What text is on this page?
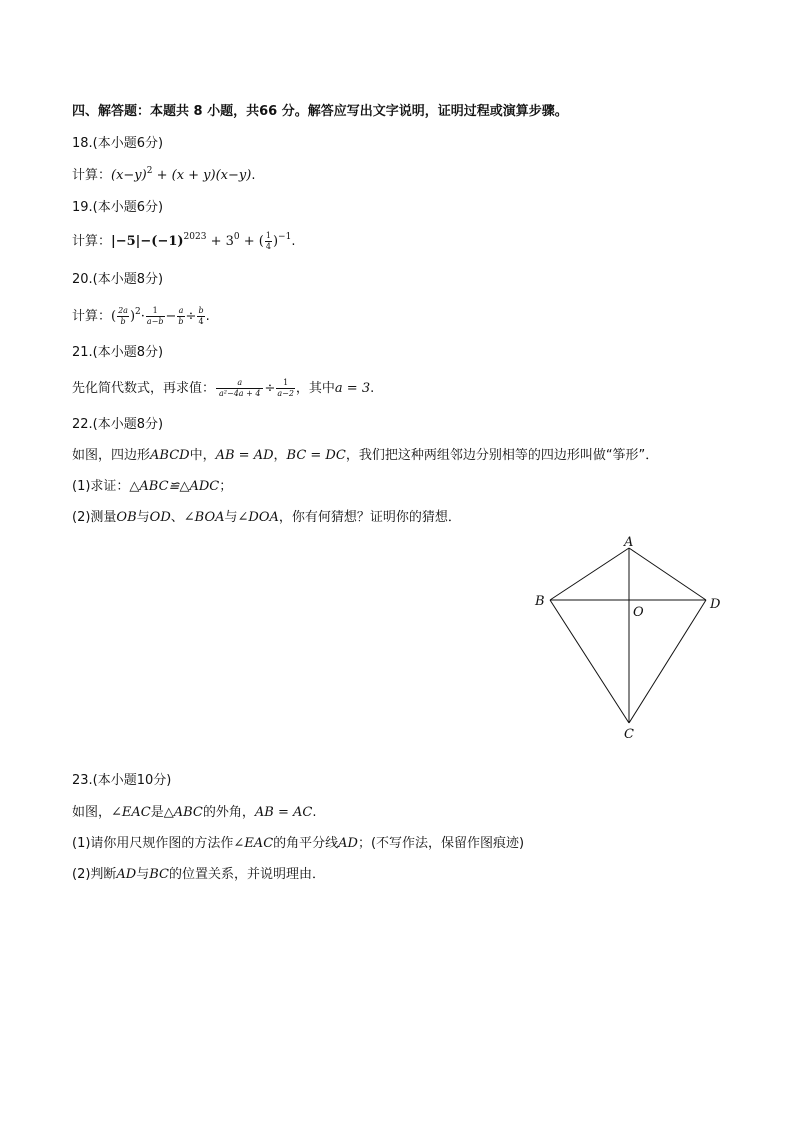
四、解答题：本题共 8 小题，共66 分。解答应写出文字说明，证明过程或演算步骤。
18.(本小题6分)
计算：$(x-y)^2 + (x + y)(x-y)$.
19.(本小题6分)
计算：$|-5|-(-1)^{2023} + 3^0$ + ( $\frac{1}{4} )^{-1}$.
20.(本小题8分)
计算：( $\frac{2a}{b} )^2\cdot \frac{1}{a-b} - \frac{a}{b} \div \frac{b}{4}$ .
21.(本小题8分)
先化简代数式，再求值： $\frac{a}{\text{a²−4a + 4}} \div \frac{1}{a-2}$ ，其中a = 3.
22.(本小题8分)
如图，四边形ABCD中，AB = AD，BC = DC，我们把这种两组邻边分别相等的四边形叫做“筝形”．
(1)求证：△ABC≌△ADC；
(2)测量OB与OD、∠BOA与∠DOA，你有何猜想？证明你的猜想．
A
B
C
D
O
23.(本小题10分)
如图，∠EAC是△ABC的外角，AB = AC.
(1)请你用尺规作图的方法作∠EAC的角平分线AD；(不写作法，保留作图痕迹)
(2)判断AD与BC的位置关系，并说明理由．
